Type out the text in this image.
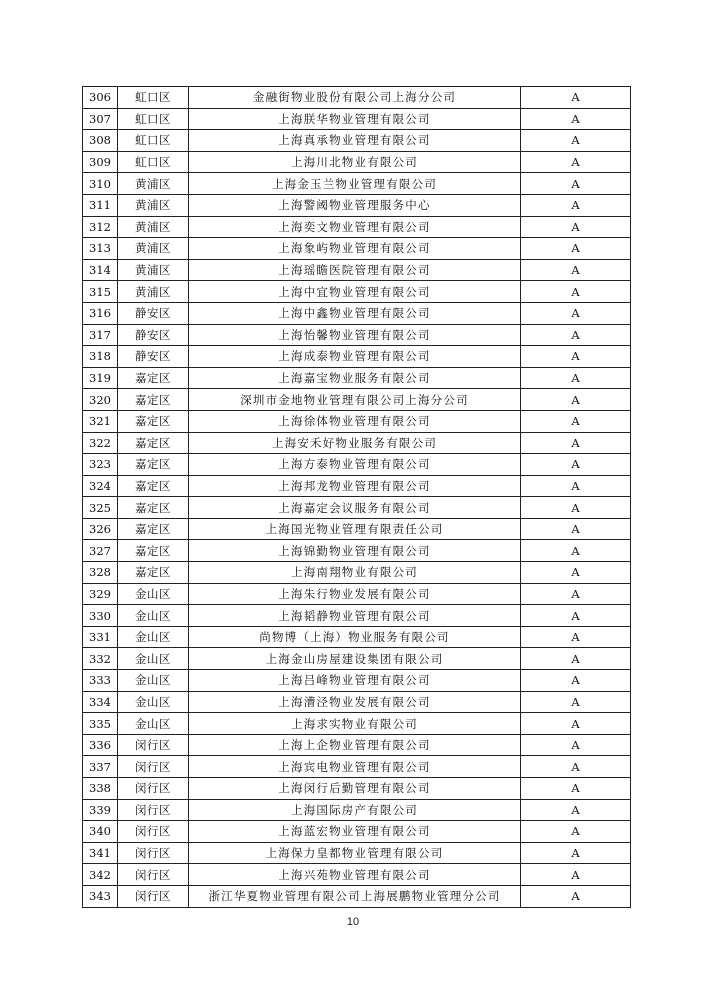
306	虹口区	金融街物业股份有限公司上海分公司	A
307	虹口区	上海朕华物业管理有限公司	A
308	虹口区	上海真承物业管理有限公司	A
309	虹口区	上海川北物业有限公司	A
310	黄浦区	上海金玉兰物业管理有限公司	A
311	黄浦区	上海警阈物业管理服务中心	A
312	黄浦区	上海奕文物业管理有限公司	A
313	黄浦区	上海象屿物业管理有限公司	A
314	黄浦区	上海瑶瞻医院管理有限公司	A
315	黄浦区	上海中宜物业管理有限公司	A
316	静安区	上海中鑫物业管理有限公司	A
317	静安区	上海怡馨物业管理有限公司	A
318	静安区	上海成泰物业管理有限公司	A
319	嘉定区	上海嘉宝物业服务有限公司	A
320	嘉定区	深圳市金地物业管理有限公司上海分公司	A
321	嘉定区	上海徐体物业管理有限公司	A
322	嘉定区	上海安禾好物业服务有限公司	A
323	嘉定区	上海方泰物业管理有限公司	A
324	嘉定区	上海邦龙物业管理有限公司	A
325	嘉定区	上海嘉定会议服务有限公司	A
326	嘉定区	上海国光物业管理有限责任公司	A
327	嘉定区	上海锦勤物业管理有限公司	A
328	嘉定区	上海南翔物业有限公司	A
329	金山区	上海朱行物业发展有限公司	A
330	金山区	上海韬静物业管理有限公司	A
331	金山区	尚物博（上海）物业服务有限公司	A
332	金山区	上海金山房屋建设集团有限公司	A
333	金山区	上海吕峰物业管理有限公司	A
334	金山区	上海漕泾物业发展有限公司	A
335	金山区	上海求实物业有限公司	A
336	闵行区	上海上企物业管理有限公司	A
337	闵行区	上海宾电物业管理有限公司	A
338	闵行区	上海闵行后勤管理有限公司	A
339	闵行区	上海国际房产有限公司	A
340	闵行区	上海蓝宏物业管理有限公司	A
341	闵行区	上海保力皇都物业管理有限公司	A
342	闵行区	上海兴苑物业管理有限公司	A
343	闵行区	浙江华夏物业管理有限公司上海展鹏物业管理分公司	A
10
